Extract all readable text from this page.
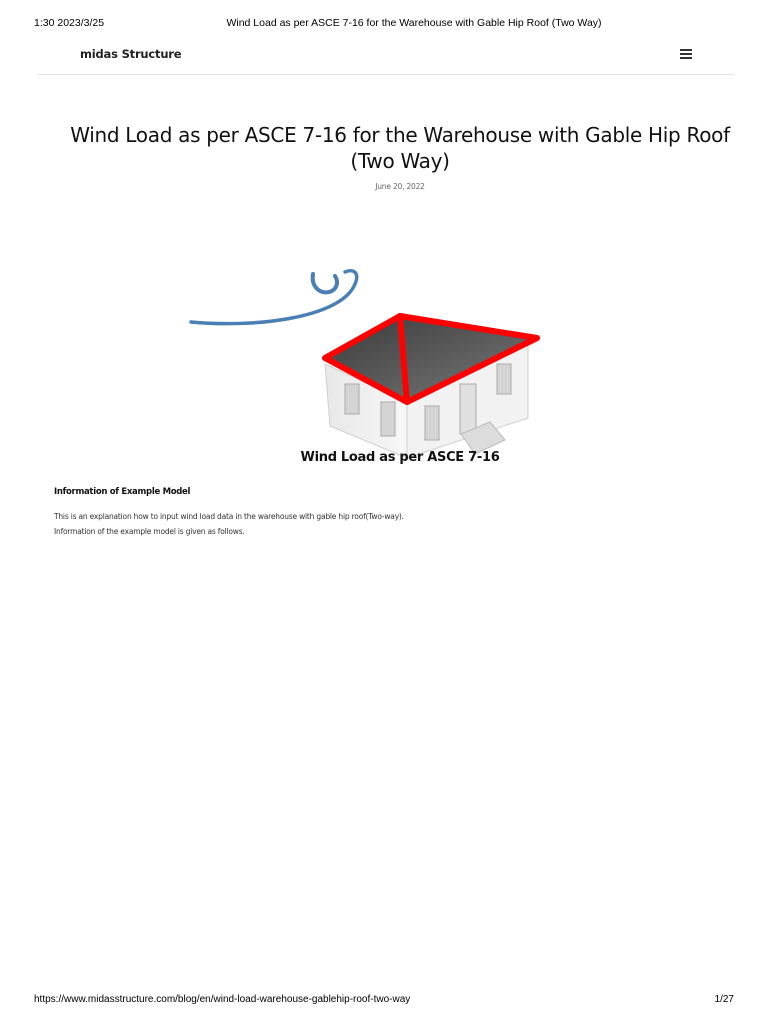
1:30 2023/3/25	Wind Load as per ASCE 7-16 for the Warehouse with Gable Hip Roof (Two Way)
midas Structure
Wind Load as per ASCE 7-16 for the Warehouse with Gable Hip Roof (Two Way)
June 20, 2022
Wind Load as per ASCE 7-16
Information of Example Model

This is an explanation how to input wind load data in the warehouse with gable hip roof(Two-way).

Information of the example model is given as follows.

https://www.midasstructure.com/blog/en/wind-load-warehouse-gablehip-roof-two-way	1/27
